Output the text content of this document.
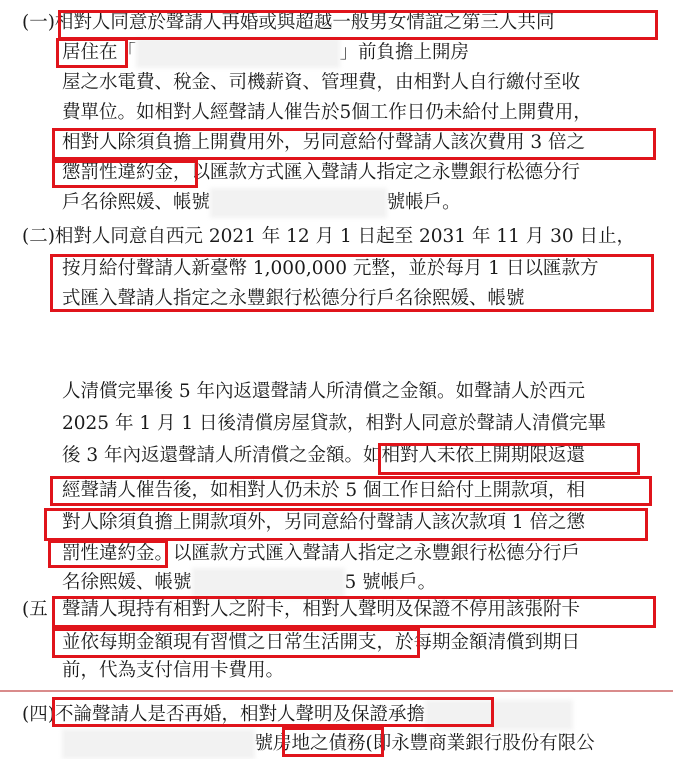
(一)相對人同意於聲請人再婚或與超越一般男女情誼之第三人共同
居住在「	」前負擔上開房
屋之水電費、稅金、司機薪資、管理費，由相對人自行繳付至收
費單位。如相對人經聲請人催告於5個工作日仍未給付上開費用，
相對人除須負擔上開費用外，另同意給付聲請人該次費用 3 倍之
懲罰性違約金，以匯款方式匯入聲請人指定之永豐銀行松德分行
戶名徐熙媛、帳號	號帳戶。
(二)相對人同意自西元 2021 年 12 月 1 日起至 2031 年 11 月 30 日止，
按月給付聲請人新臺幣 1,000,000 元整，並於每月 1 日以匯款方
式匯入聲請人指定之永豐銀行松德分行戶名徐熙媛、帳號
人清償完畢後 5 年內返還聲請人所清償之金額。如聲請人於西元
2025 年 1 月 1 日後清償房屋貸款，相對人同意於聲請人清償完畢
後 3 年內返還聲請人所清償之金額。如相對人未依上開期限返還
經聲請人催告後，如相對人仍未於 5 個工作日給付上開款項，相
對人除須負擔上開款項外，另同意給付聲請人該次款項 1 倍之懲
罰性違約金。以匯款方式匯入聲請人指定之永豐銀行松德分行戶
名徐熙媛、帳號	5 號帳戶。
(五 聲請人現持有相對人之附卡，相對人聲明及保證不停用該張附卡
並依每期金額現有習慣之日常生活開支，於每期金額清償到期日
前，代為支付信用卡費用。
(四)不論聲請人是否再婚，相對人聲明及保證承擔
號房地之債務(即永豐商業銀行股份有限公
